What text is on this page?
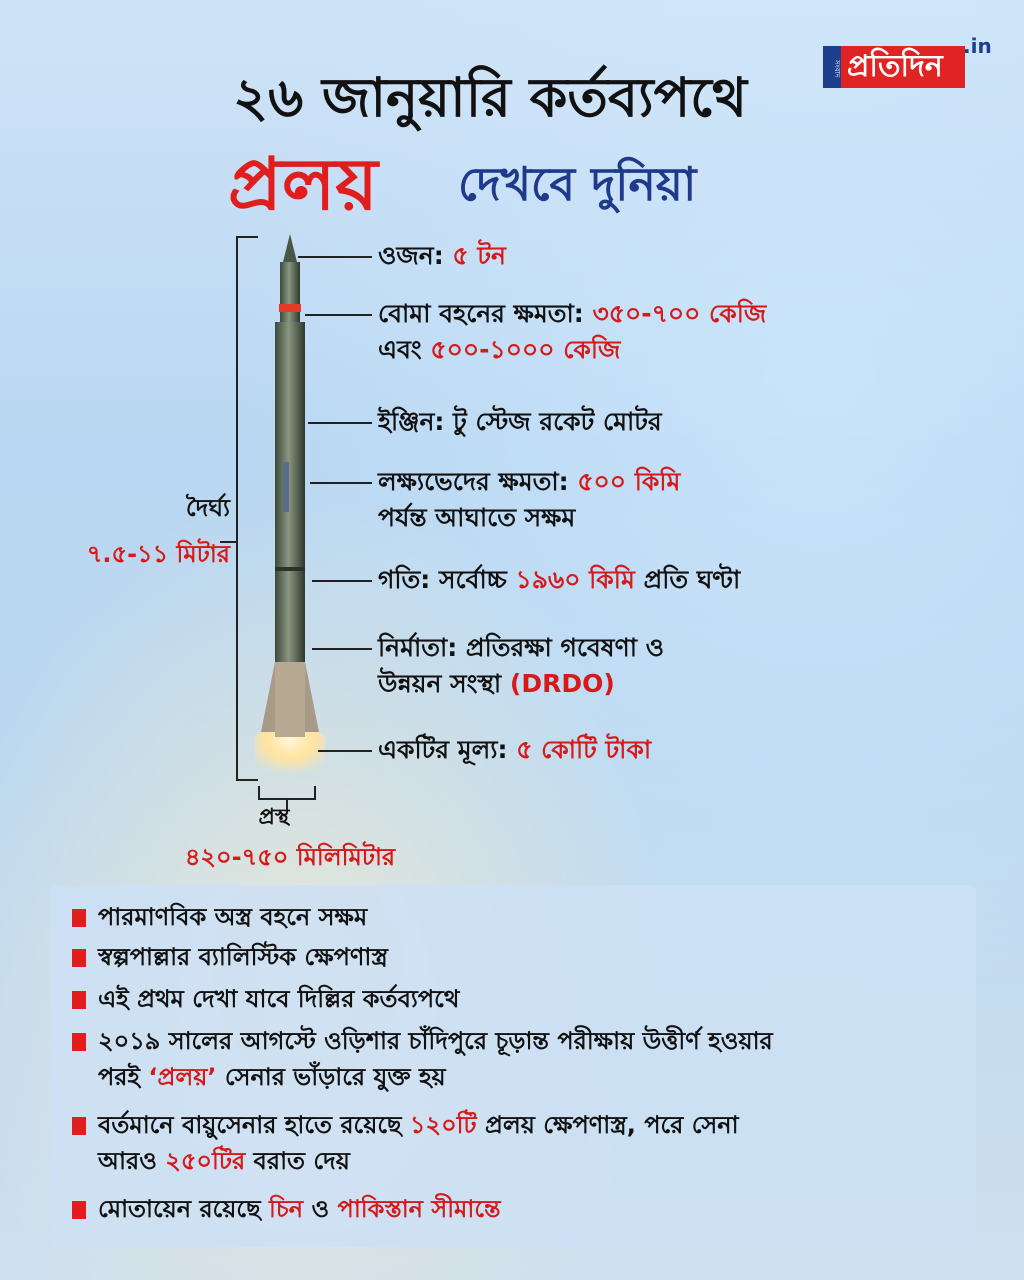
সংবাদ প্রতিদিন
.in
২৬ জানুয়ারি কর্তব্যপথে
প্রলয় দেখবে দুনিয়া
দৈর্ঘ্য
৭.৫-১১ মিটার
প্রস্থ
৪২০-৭৫০ মিলিমিটার
ওজন: ৫ টন
বোমা বহনের ক্ষমতা: ৩৫০-৭০০ কেজি
এবং ৫০০-১০০০ কেজি
ইঞ্জিন: টু স্টেজ রকেট মোটর
লক্ষ্যভেদের ক্ষমতা: ৫০০ কিমি
পর্যন্ত আঘাতে সক্ষম
গতি: সর্বোচ্চ ১৯৬০ কিমি প্রতি ঘণ্টা
নির্মাতা: প্রতিরক্ষা গবেষণা ও
উন্নয়ন সংস্থা (DRDO)
একটির মূল্য: ৫ কোটি টাকা
পারমাণবিক অস্ত্র বহনে সক্ষম
স্বল্পপাল্লার ব্যালিস্টিক ক্ষেপণাস্ত্র
এই প্রথম দেখা যাবে দিল্লির কর্তব্যপথে
২০১৯ সালের আগস্টে ওড়িশার চাঁদিপুরে চূড়ান্ত পরীক্ষায় উত্তীর্ণ হওয়ার
পরই ‘প্রলয়’ সেনার ভাঁড়ারে যুক্ত হয়
বর্তমানে বায়ুসেনার হাতে রয়েছে ১২০টি প্রলয় ক্ষেপণাস্ত্র, পরে সেনা
আরও ২৫০টির বরাত দেয়
মোতায়েন রয়েছে চিন ও পাকিস্তান সীমান্তে
